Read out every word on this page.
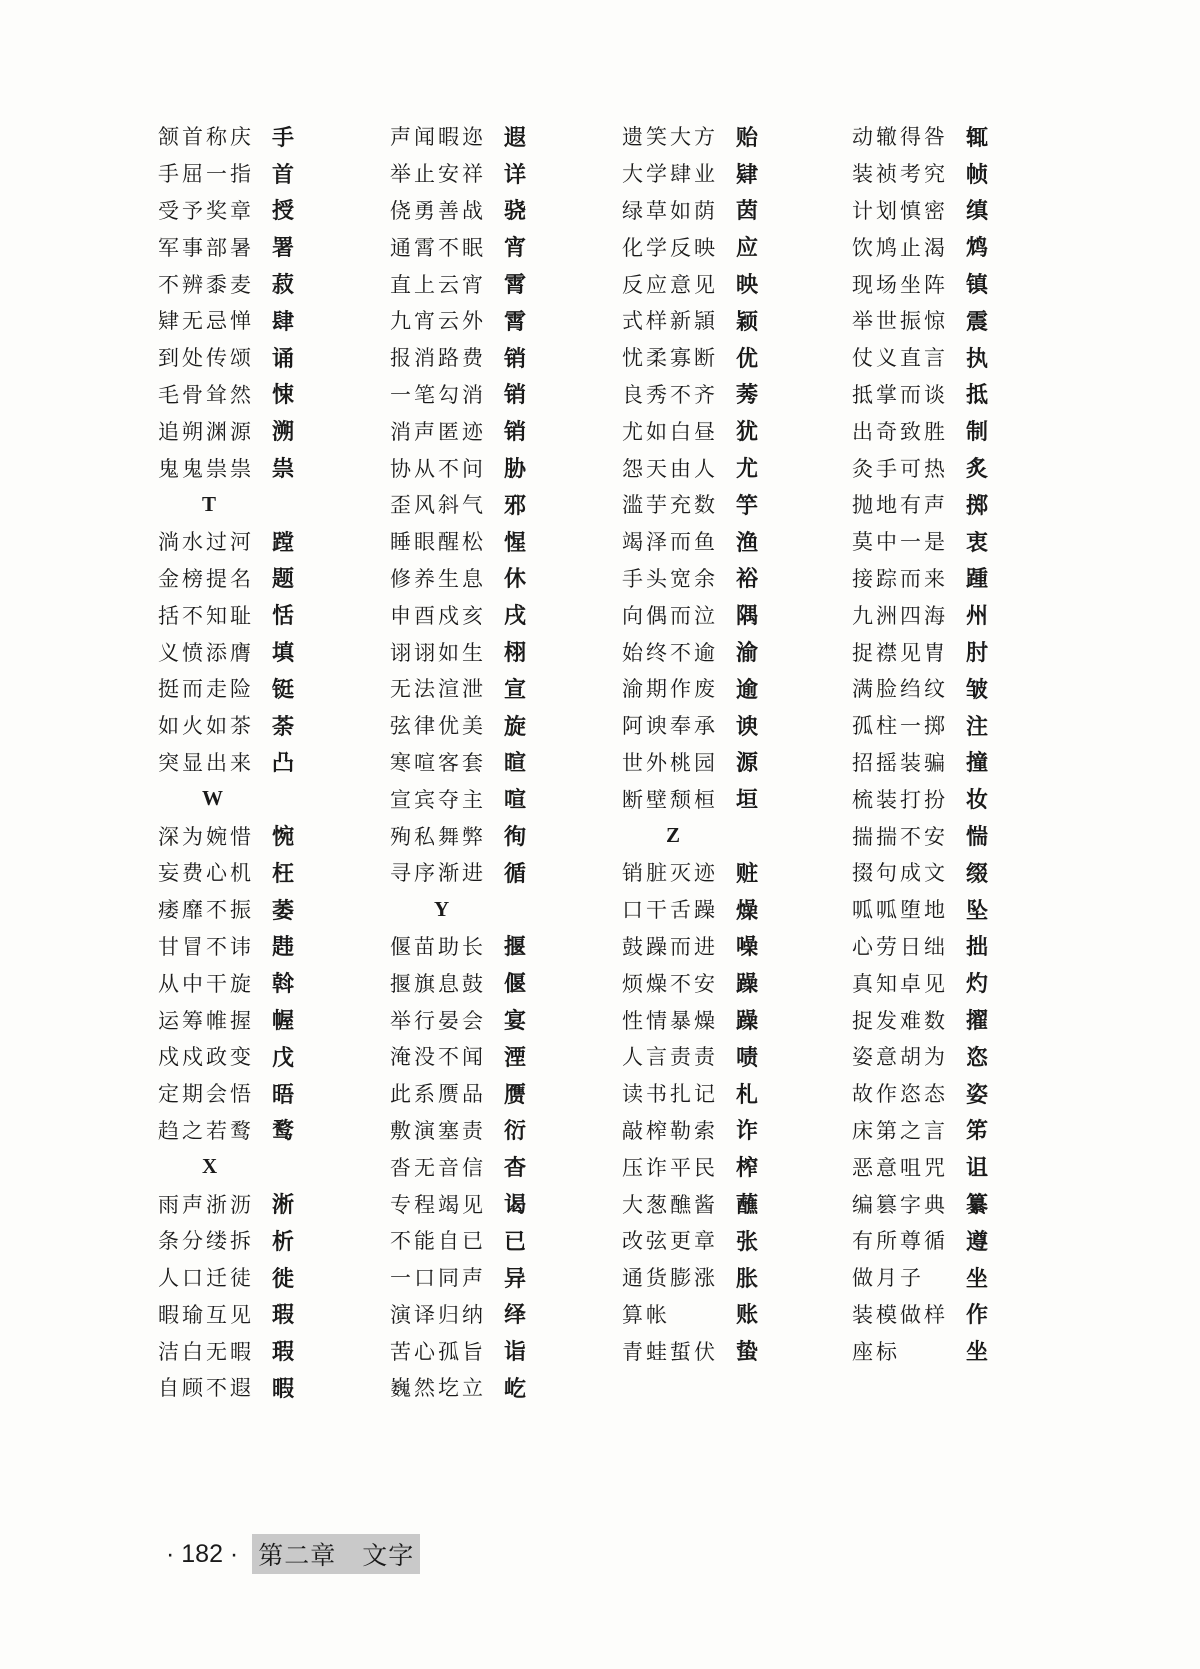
颔首称庆 手
手屈一指 首
受予奖章 授
军事部暑 署
不辨黍麦 菽
肄无忌惮 肆
到处传颂 诵
毛骨耸然 悚
追朔渊源 溯
鬼鬼祟祟 祟
T
淌水过河 蹚
金榜提名 题
括不知耻 恬
义愤添膺 填
挺而走险 铤
如火如茶 荼
突显出来 凸
W
深为婉惜 惋
妄费心机 枉
痿靡不振 萎
甘冒不讳 韪
从中干旋 斡
运筹帷握 幄
戍戍政变 戊
定期会悟 晤
趋之若鹜 鹜
X
雨声浙沥 淅
条分缕拆 析
人口迁徒 徙
暇瑜互见 瑕
洁白无暇 瑕
自顾不遐 暇
声闻暇迩 遐
举止安祥 详
侥勇善战 骁
通霄不眠 宵
直上云宵 霄
九宵云外 霄
报消路费 销
一笔勾消 销
消声匿迹 销
协从不问 胁
歪风斜气 邪
睡眼醒松 惺
修养生息 休
申酉戍亥 戌
诩诩如生 栩
无法渲泄 宣
弦律优美 旋
寒喧客套 暄
宣宾夺主 喧
殉私舞弊 徇
寻序渐进 循
Y
偃苗助长 揠
揠旗息鼓 偃
举行晏会 宴
淹没不闻 湮
此系赝品 赝
敷演塞责 衍
沓无音信 杳
专程竭见 谒
不能自已 已
一口同声 异
演译归纳 绎
苦心孤旨 诣
巍然圪立 屹
遗笑大方 贻
大学肆业 肄
绿草如荫 茵
化学反映 应
反应意见 映
式样新頴 颖
忧柔寡断 优
良秀不齐 莠
尤如白昼 犹
怨天由人 尤
滥芋充数 竽
竭泽而鱼 渔
手头宽余 裕
向偶而泣 隅
始终不逾 渝
渝期作废 逾
阿谀奉承 谀
世外桃园 源
断壁颓桓 垣
Z
销脏灭迹 赃
口干舌躁 燥
鼓躁而进 噪
烦燥不安 躁
性情暴燥 躁
人言责责 啧
读书扎记 札
敲榨勒索 诈
压诈平民 榨
大葱醮酱 蘸
改弦更章 张
通货膨涨 胀
算帐	账
青蛙蜇伏 蛰
动辙得咎 辄
装祯考究 帧
计划慎密 缜
饮鸠止渴 鸩
现场坐阵 镇
举世振惊 震
仗义直言 执
抵掌而谈 抵
出奇致胜 制
灸手可热 炙
抛地有声 掷
莫中一是 衷
接踪而来 踵
九洲四海 州
捉襟见胄 肘
满脸绉纹 皱
孤柱一掷 注
招摇装骗 撞
梳装打扮 妆
揣揣不安 惴
掇句成文 缀
呱呱堕地 坠
心劳日绌 拙
真知卓见 灼
捉发难数 擢
姿意胡为 恣
故作恣态 姿
床第之言 笫
恶意咀咒 诅
编篡字典 纂
有所尊循 遵
做月子	坐
装模做样 作
座标	坐
· 182 · 第二章　文字
